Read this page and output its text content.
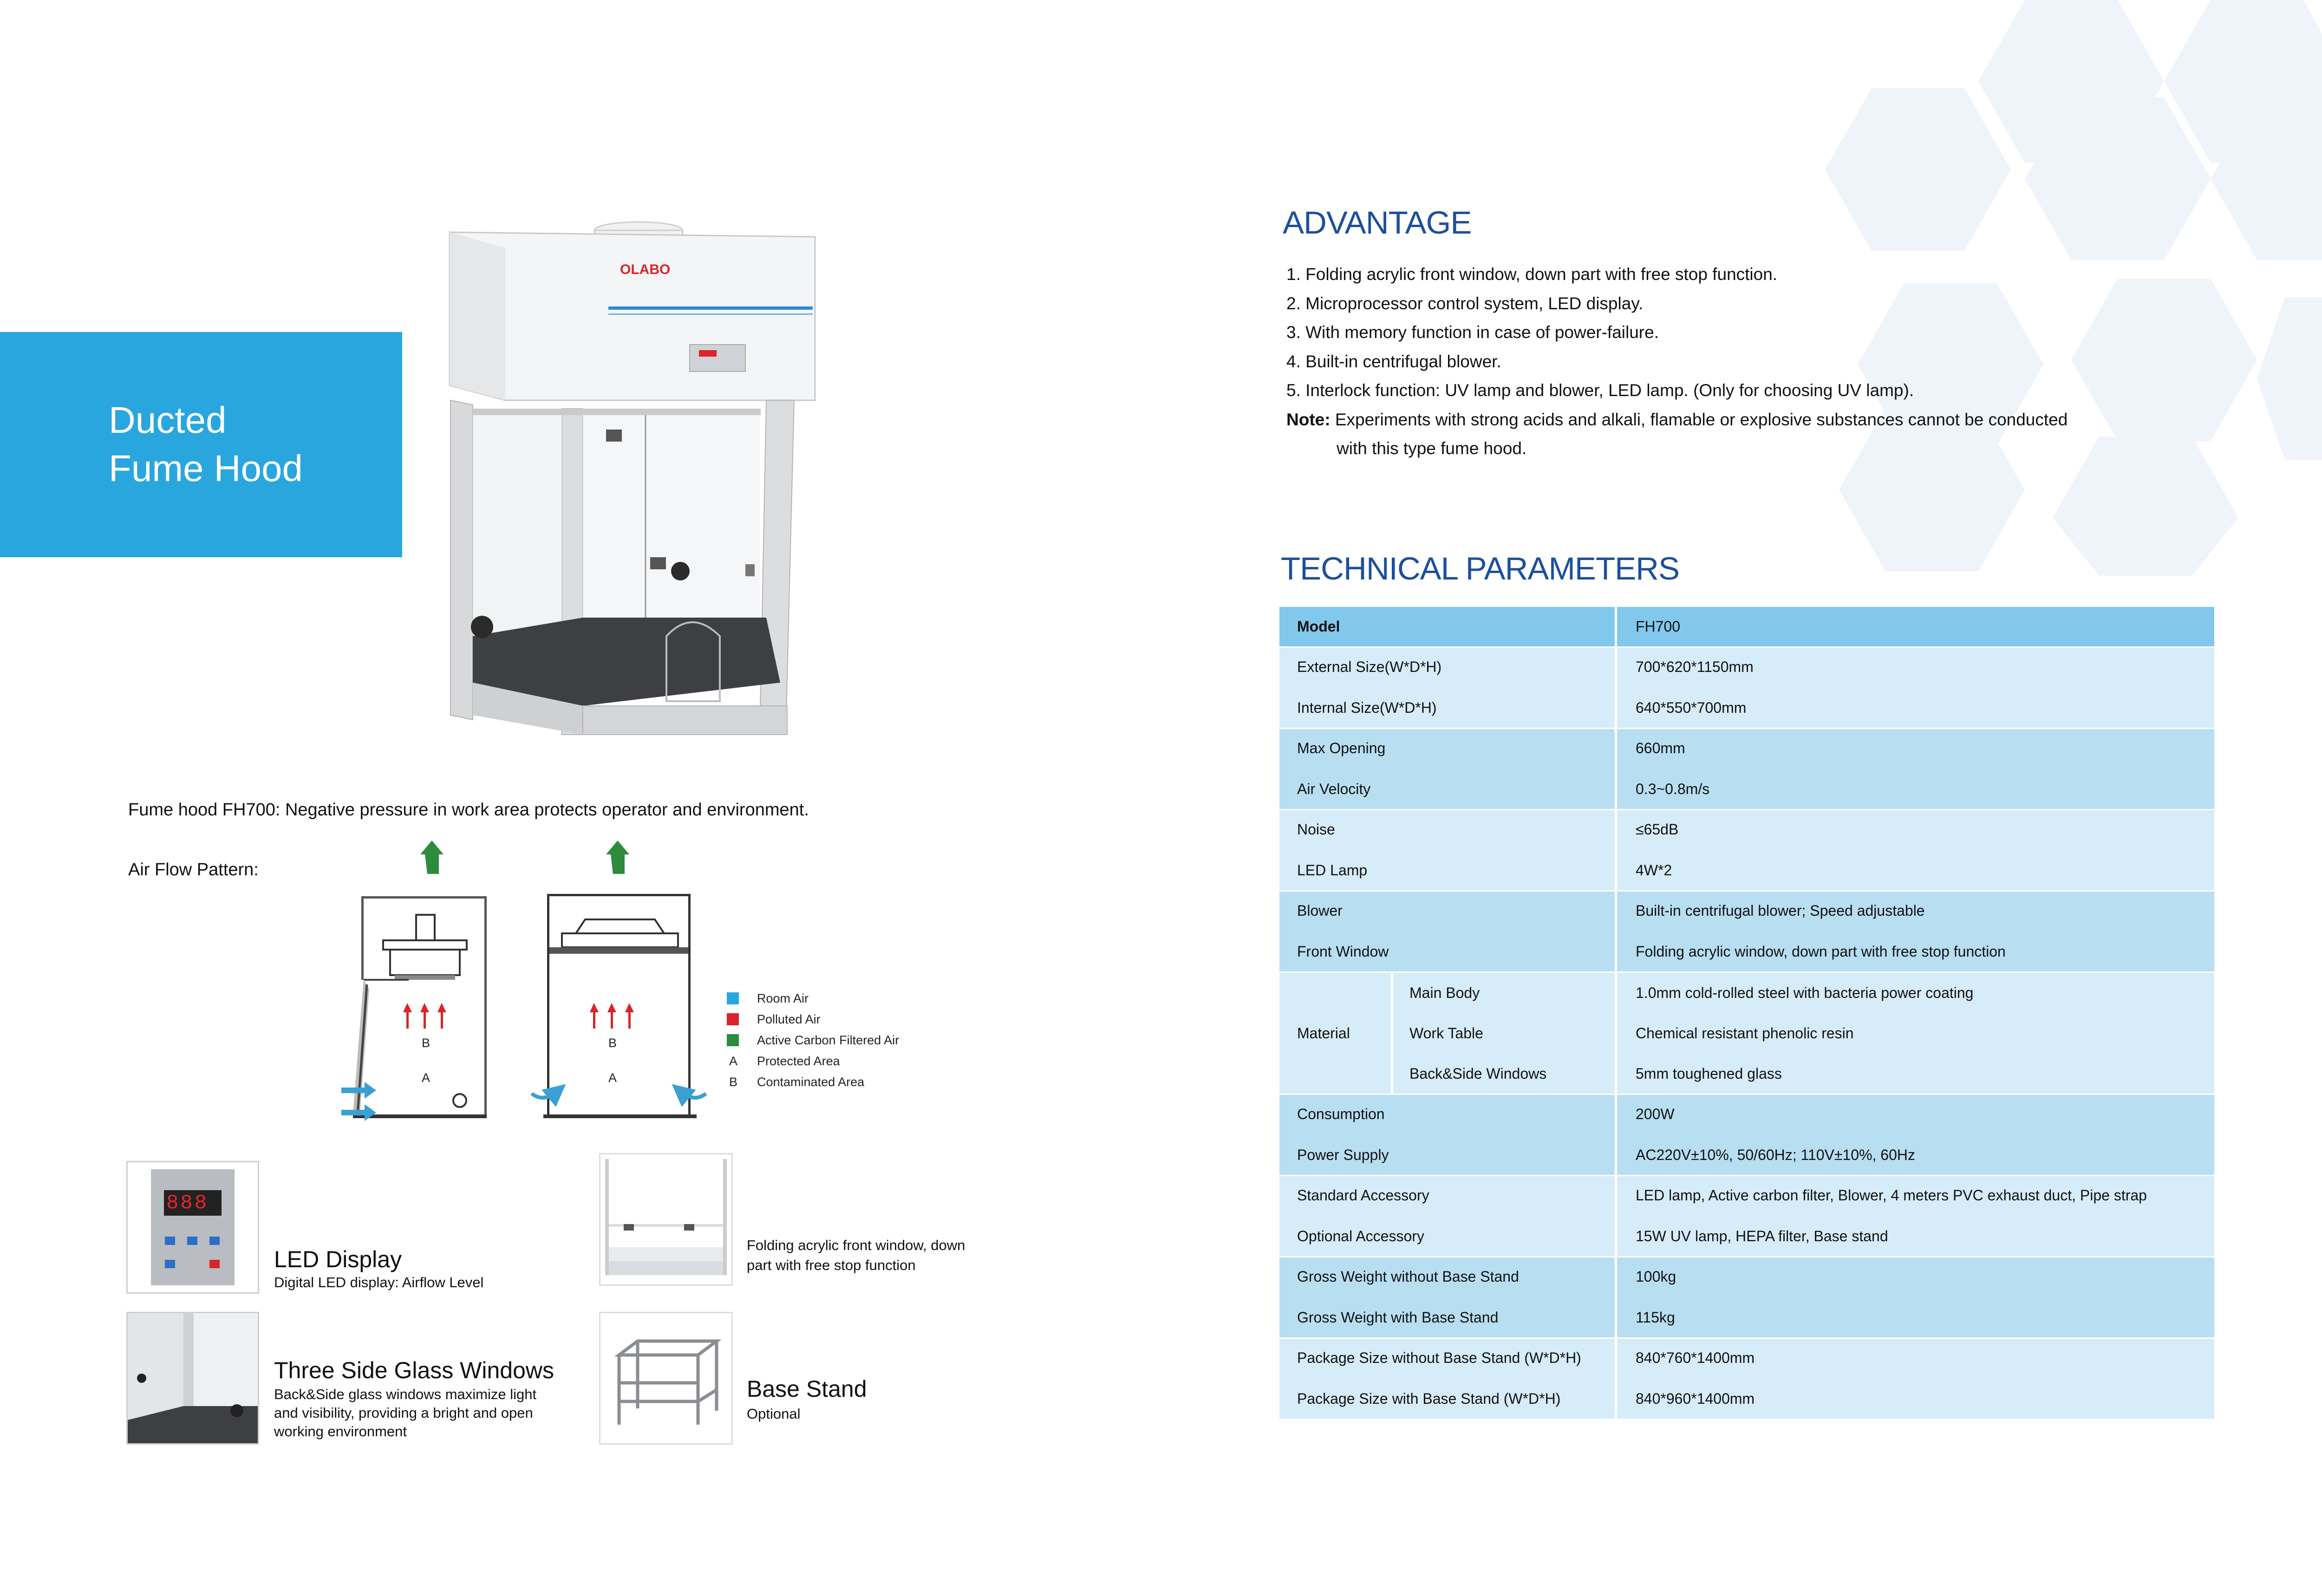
Ducted
Fume Hood
OLABO
Fume hood FH700: Negative pressure in work area protects operator and environment.
Air Flow Pattern:
B
A
B
A
Room Air
Polluted Air
Active Carbon Filtered Air
A Protected Area
B Contaminated Area
888
LED Display
Digital LED display: Airflow Level
Folding acrylic front window, down
part with free stop function
Three Side Glass Windows
Back&Side glass windows maximize light
and visibility, providing a bright and open
working environment
Base Stand
Optional
ADVANTAGE
1. Folding acrylic front window, down part with free stop function.
2. Microprocessor control system, LED display.
3. With memory function in case of power-failure.
4. Built-in centrifugal blower.
5. Interlock function: UV lamp and blower, LED lamp. (Only for choosing UV lamp).
Note: Experiments with strong acids and alkali, flamable or explosive substances cannot be conducted
with this type fume hood.
TECHNICAL PARAMETERS
Model	FH700
External Size(W*D*H)	700*620*1150mm
Internal Size(W*D*H)	640*550*700mm
Max Opening	660mm
Air Velocity	0.3~0.8m/s
Noise	≤65dB
LED Lamp	4W*2
Blower	Built-in centrifugal blower; Speed adjustable
Front Window	Folding acrylic window, down part with free stop function
Material
Main Body	1.0mm cold-rolled steel with bacteria power coating
Work Table	Chemical resistant phenolic resin
Back&Side Windows	5mm toughened glass
Consumption	200W
Power Supply	AC220V±10%, 50/60Hz; 110V±10%, 60Hz
Standard Accessory	LED lamp, Active carbon filter, Blower, 4 meters PVC exhaust duct, Pipe strap
Optional Accessory	15W UV lamp, HEPA filter, Base stand
Gross Weight without Base Stand	100kg
Gross Weight with Base Stand	115kg
Package Size without Base Stand (W*D*H)	840*760*1400mm
Package Size with Base Stand (W*D*H)	840*960*1400mm
